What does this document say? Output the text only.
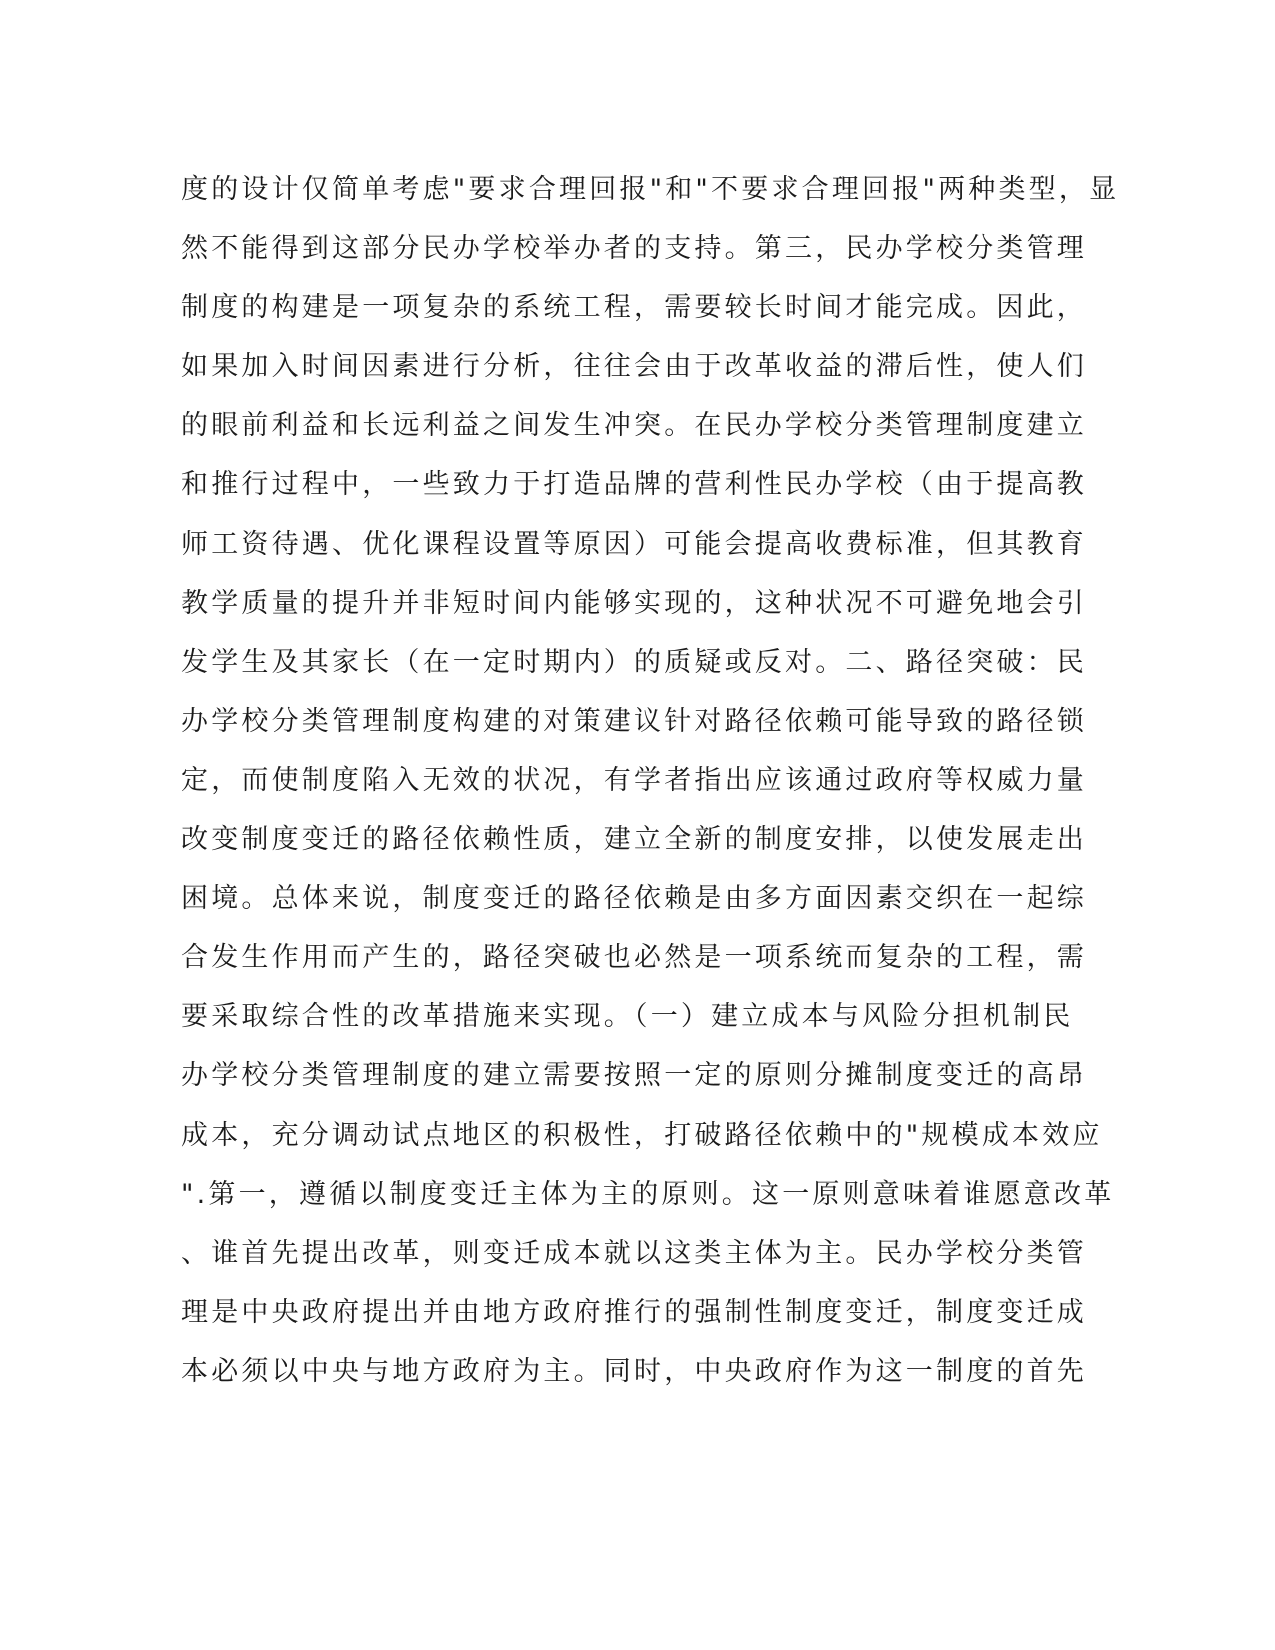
度的设计仅简单考虑"要求合理回报"和"不要求合理回报"两种类型，显
然不能得到这部分民办学校举办者的支持。第三，民办学校分类管理
制度的构建是一项复杂的系统工程，需要较长时间才能完成。因此，
如果加入时间因素进行分析，往往会由于改革收益的滞后性，使人们
的眼前利益和长远利益之间发生冲突。在民办学校分类管理制度建立
和推行过程中，一些致力于打造品牌的营利性民办学校（由于提高教
师工资待遇、优化课程设置等原因）可能会提高收费标准，但其教育
教学质量的提升并非短时间内能够实现的，这种状况不可避免地会引
发学生及其家长（在一定时期内）的质疑或反对。二、路径突破：民
办学校分类管理制度构建的对策建议针对路径依赖可能导致的路径锁
定，而使制度陷入无效的状况，有学者指出应该通过政府等权威力量
改变制度变迁的路径依赖性质，建立全新的制度安排，以使发展走出
困境。总体来说，制度变迁的路径依赖是由多方面因素交织在一起综
合发生作用而产生的，路径突破也必然是一项系统而复杂的工程，需
要采取综合性的改革措施来实现。（一）建立成本与风险分担机制民
办学校分类管理制度的建立需要按照一定的原则分摊制度变迁的高昂
成本，充分调动试点地区的积极性，打破路径依赖中的"规模成本效应
".第一，遵循以制度变迁主体为主的原则。这一原则意味着谁愿意改革
、谁首先提出改革，则变迁成本就以这类主体为主。民办学校分类管
理是中央政府提出并由地方政府推行的强制性制度变迁，制度变迁成
本必须以中央与地方政府为主。同时，中央政府作为这一制度的首先
